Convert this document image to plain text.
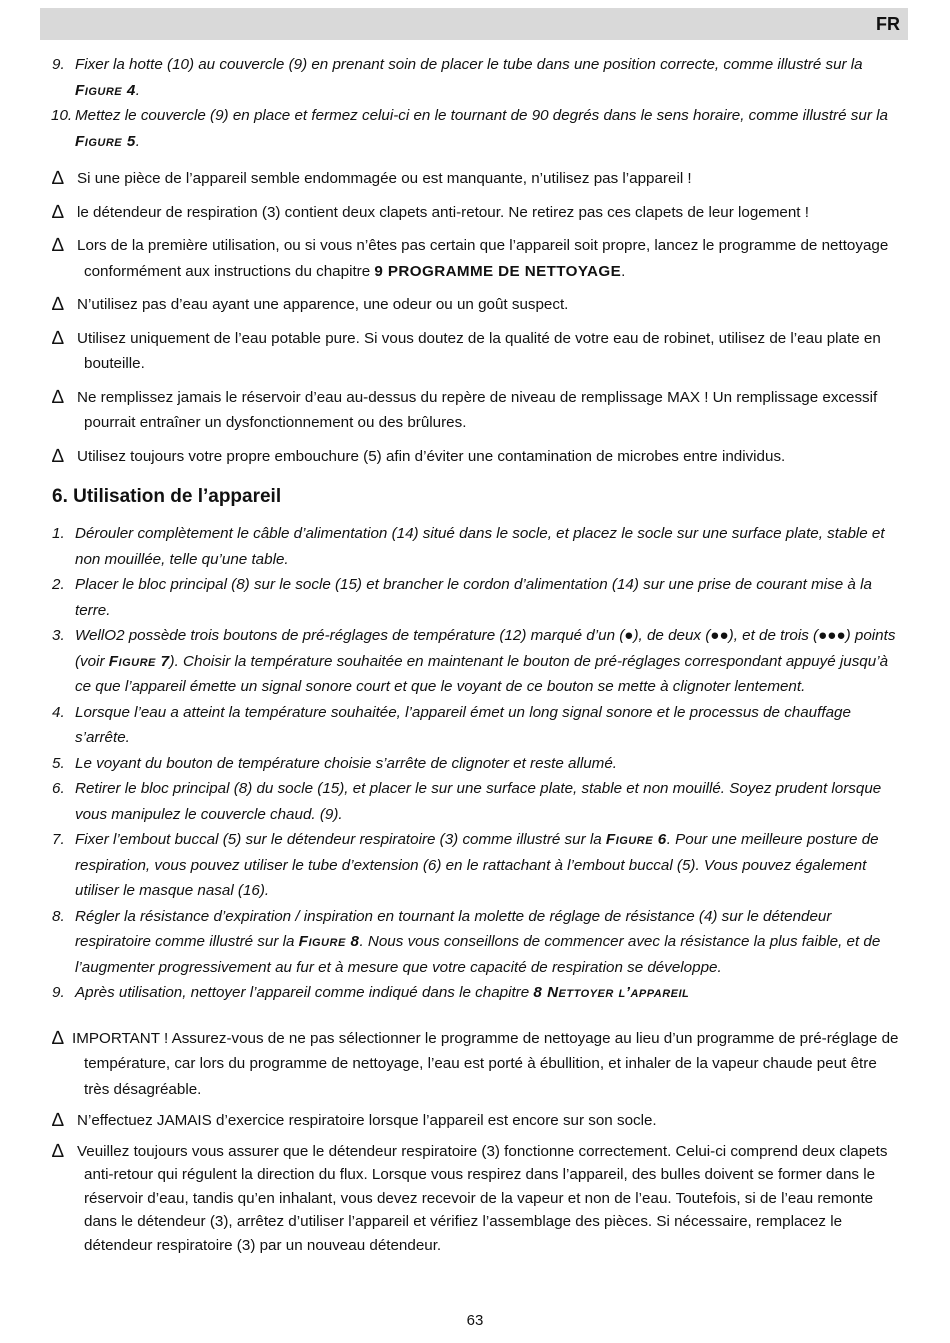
FR
9. Fixer la hotte (10) au couvercle (9) en prenant soin de placer le tube dans une position correcte, comme illustré sur la Figure 4.
10. Mettez le couvercle (9) en place et fermez celui-ci en le tournant de 90 degrés dans le sens horaire, comme illustré sur la Figure 5.
∆ Si une pièce de l’appareil semble endommagée ou est manquante, n’utilisez pas l’appareil !
∆ le détendeur de respiration (3) contient deux clapets anti-retour. Ne retirez pas ces clapets de leur logement !
∆ Lors de la première utilisation, ou si vous n’êtes pas certain que l’appareil soit propre, lancez le programme de nettoyage conformément aux instructions du chapitre 9 PROGRAMME DE NETTOYAGE.
∆ N’utilisez pas d’eau ayant une apparence, une odeur ou un goût suspect.
∆ Utilisez uniquement de l’eau potable pure. Si vous doutez de la qualité de votre eau de robinet, utilisez de l’eau plate en bouteille.
∆ Ne remplissez jamais le réservoir d’eau au-dessus du repère de niveau de remplissage MAX ! Un remplissage excessif pourrait entraîner un dysfonctionnement ou des brûlures.
∆ Utilisez toujours votre propre embouchure (5) afin d’éviter une contamination de microbes entre individus.
6. Utilisation de l’appareil
1. Dérouler complètement le câble d’alimentation (14) situé dans le socle, et placez le socle sur une surface plate, stable et non mouillée, telle qu’une table.
2. Placer le bloc principal (8) sur le socle (15) et brancher le cordon d’alimentation (14) sur une prise de courant mise à la terre.
3. WellO2 possède trois boutons de pré-réglages de température (12) marqué d’un (●), de deux (●●), et de trois (●●●) points (voir Figure 7). Choisir la température souhaitée en maintenant le bouton de pré-réglages correspondant appuyé jusqu’à ce que l’appareil émette un signal sonore court et que le voyant de ce bouton se mette à clignoter lentement.
4. Lorsque l’eau a atteint la température souhaitée, l’appareil émet un long signal sonore et le processus de chauffage s’arrête.
5. Le voyant du bouton de température choisie s’arrête de clignoter et reste allumé.
6. Retirer le bloc principal (8) du socle (15), et placer le sur une surface plate, stable et non mouillé. Soyez prudent lorsque vous manipulez le couvercle chaud. (9).
7. Fixer l’embout buccal (5) sur le détendeur respiratoire (3) comme illustré sur la Figure 6. Pour une meilleure posture de respiration, vous pouvez utiliser le tube d’extension (6) en le rattachant à l’embout buccal (5). Vous pouvez également utiliser le masque nasal (16).
8. Régler la résistance d’expiration / inspiration en tournant la molette de réglage de résistance (4) sur le détendeur respiratoire comme illustré sur la Figure 8. Nous vous conseillons de commencer avec la résistance la plus faible, et de l’augmenter progressivement au fur et à mesure que votre capacité de respiration se développe.
9. Après utilisation, nettoyer l’appareil comme indiqué dans le chapitre 8 Nettoyer l’appareil
∆ IMPORTANT ! Assurez-vous de ne pas sélectionner le programme de nettoyage au lieu d’un programme de pré-réglage de température, car lors du programme de nettoyage, l’eau est porté à ébullition, et inhaler de la vapeur chaude peut être très désagréable.
∆ N’effectuez JAMAIS d’exercice respiratoire lorsque l’appareil est encore sur son socle.
∆ Veuillez toujours vous assurer que le détendeur respiratoire (3) fonctionne correctement. Celui-ci comprend deux clapets anti-retour qui régulent la direction du flux. Lorsque vous respirez dans l’appareil, des bulles doivent se former dans le réservoir d’eau, tandis qu’en inhalant, vous devez recevoir de la vapeur et non de l’eau. Toutefois, si de l’eau remonte dans le détendeur (3), arrêtez d’utiliser l’appareil et vérifiez l’assemblage des pièces. Si nécessaire, remplacez le détendeur respiratoire (3) par un nouveau détendeur.
63
